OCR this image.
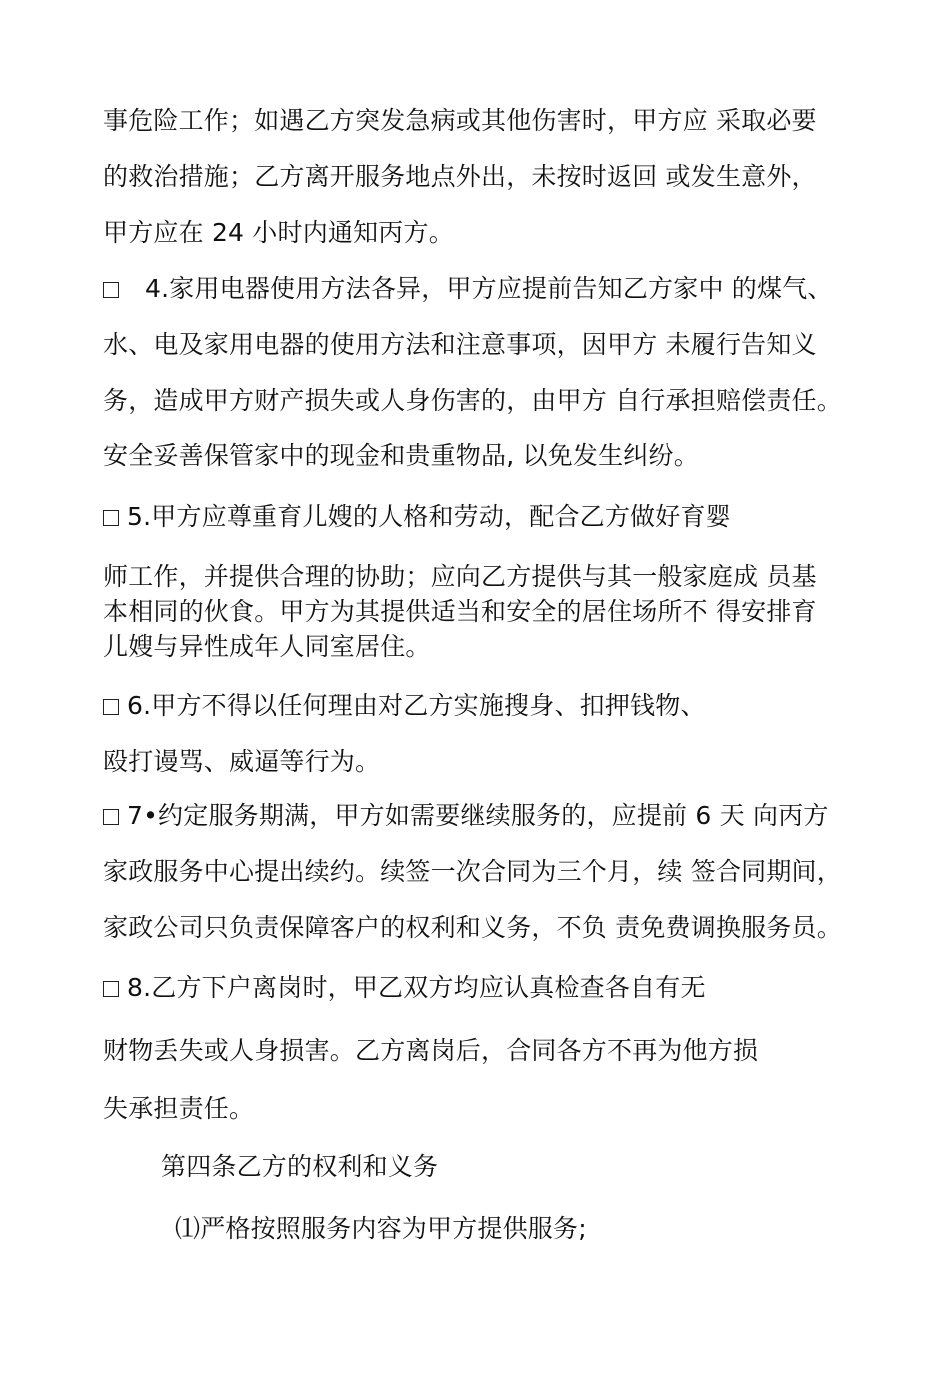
事危险工作；如遇乙方突发急病或其他伤害时，甲方应 采取必要
的救治措施；乙方离开服务地点外出，未按时返回 或发生意外，
甲方应在 24 小时内通知丙方。
4.家用电器使用方法各异，甲方应提前告知乙方家中 的煤气、
水、电及家用电器的使用方法和注意事项，因甲方 未履行告知义
务，造成甲方财产损失或人身伤害的，由甲方 自行承担赔偿责任。
安全妥善保管家中的现金和贵重物品, 以免发生纠纷。
5.甲方应尊重育儿嫂的人格和劳动，配合乙方做好育婴
师工作，并提供合理的协助；应向乙方提供与其一般家庭成 员基
本相同的伙食。甲方为其提供适当和安全的居住场所不 得安排育
儿嫂与异性成年人同室居住。
6.甲方不得以任何理由对乙方实施搜身、扣押钱物、
殴打谩骂、威逼等行为。
7•约定服务期满，甲方如需要继续服务的，应提前 6 天 向丙方
家政服务中心提出续约。续签一次合同为三个月，续 签合同期间，
家政公司只负责保障客户的权利和义务，不负 责免费调换服务员。
8.乙方下户离岗时，甲乙双方均应认真检查各自有无
财物丢失或人身损害。乙方离岗后，合同各方不再为他方损
失承担责任。
第四条乙方的权利和义务
⑴严格按照服务内容为甲方提供服务;
